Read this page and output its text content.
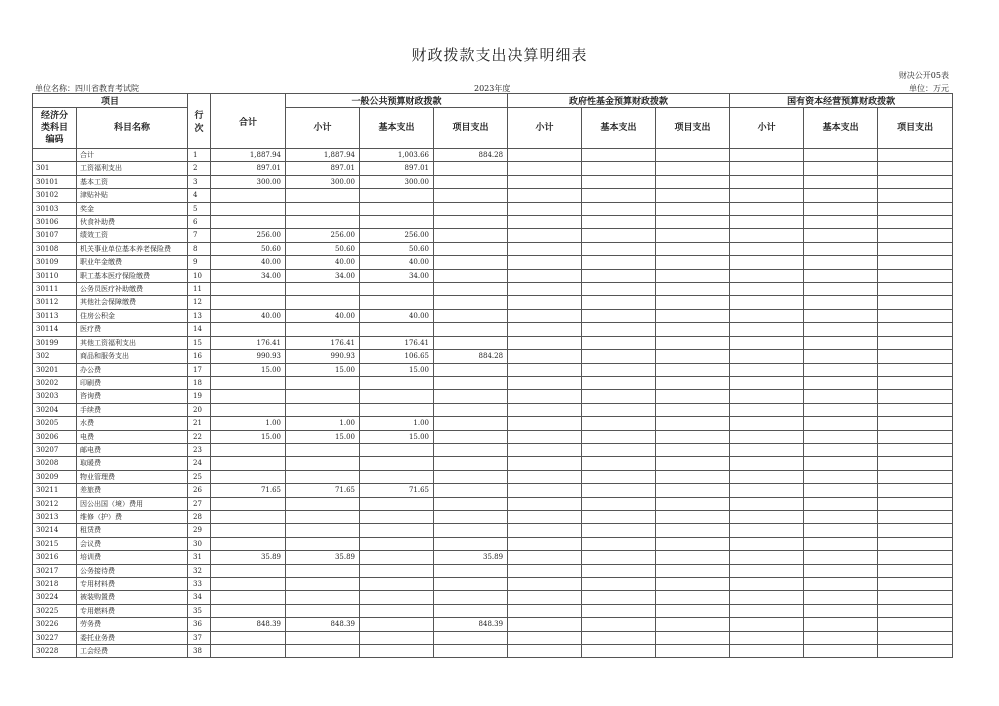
财政拨款支出决算明细表
财决公开05表
单位名称：四川省教育考试院	2023年度	单位：万元
项目		行次	合计	一般公共预算财政拨款			政府性基金预算财政拨款			国有资本经营预算财政拨款		
经济分类科目编码	科目名称			小计	基本支出	项目支出	小计	基本支出	项目支出	小计	基本支出	项目支出
	合计	1	1,887.94	1,887.94	1,003.66	884.28						
301	工资福利支出	2	897.01	897.01	897.01							
30101	基本工资	3	300.00	300.00	300.00							
30102	津贴补贴	4										
30103	奖金	5										
30106	伙食补助费	6										
30107	绩效工资	7	256.00	256.00	256.00							
30108	机关事业单位基本养老保险费	8	50.60	50.60	50.60							
30109	职业年金缴费	9	40.00	40.00	40.00							
30110	职工基本医疗保险缴费	10	34.00	34.00	34.00							
30111	公务员医疗补助缴费	11										
30112	其他社会保障缴费	12										
30113	住房公积金	13	40.00	40.00	40.00							
30114	医疗费	14										
30199	其他工资福利支出	15	176.41	176.41	176.41							
302	商品和服务支出	16	990.93	990.93	106.65	884.28						
30201	办公费	17	15.00	15.00	15.00							
30202	印刷费	18										
30203	咨询费	19										
30204	手续费	20										
30205	水费	21	1.00	1.00	1.00							
30206	电费	22	15.00	15.00	15.00							
30207	邮电费	23										
30208	取暖费	24										
30209	物业管理费	25										
30211	差旅费	26	71.65	71.65	71.65							
30212	因公出国（境）费用	27										
30213	维修（护）费	28										
30214	租赁费	29										
30215	会议费	30										
30216	培训费	31	35.89	35.89		35.89						
30217	公务接待费	32										
30218	专用材料费	33										
30224	被装购置费	34										
30225	专用燃料费	35										
30226	劳务费	36	848.39	848.39		848.39						
30227	委托业务费	37										
30228	工会经费	38										
